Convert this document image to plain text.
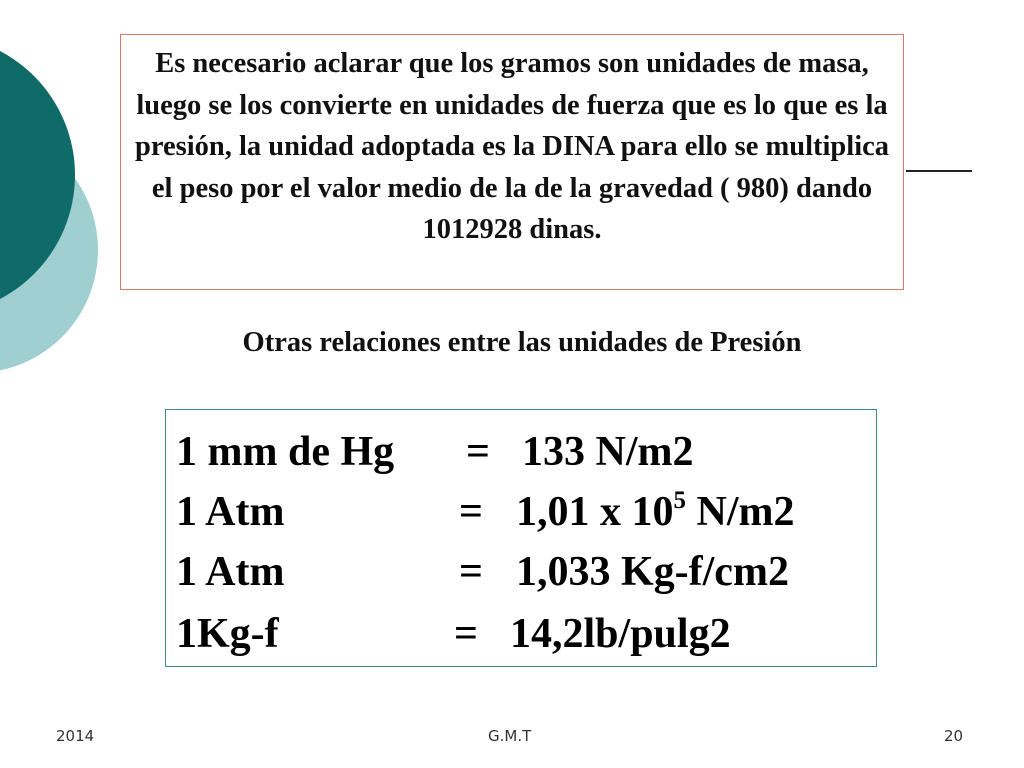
Es necesario aclarar que los gramos son unidades de masa, luego se los convierte en unidades de fuerza que es lo que es la presión, la unidad adoptada es la DINA para ello se multiplica el peso por el valor medio de la de la gravedad ( 980) dando 1012928 dinas.
Otras relaciones entre las unidades de Presión
1 mm de Hg = 133 N/m2
1 Atm	= 1,01 x $10^5$ N/m2
1 Atm	= 1,033 Kg-f/cm2
1Kg-f	= 14,2lb/pulg2
2014	G.M.T	20
